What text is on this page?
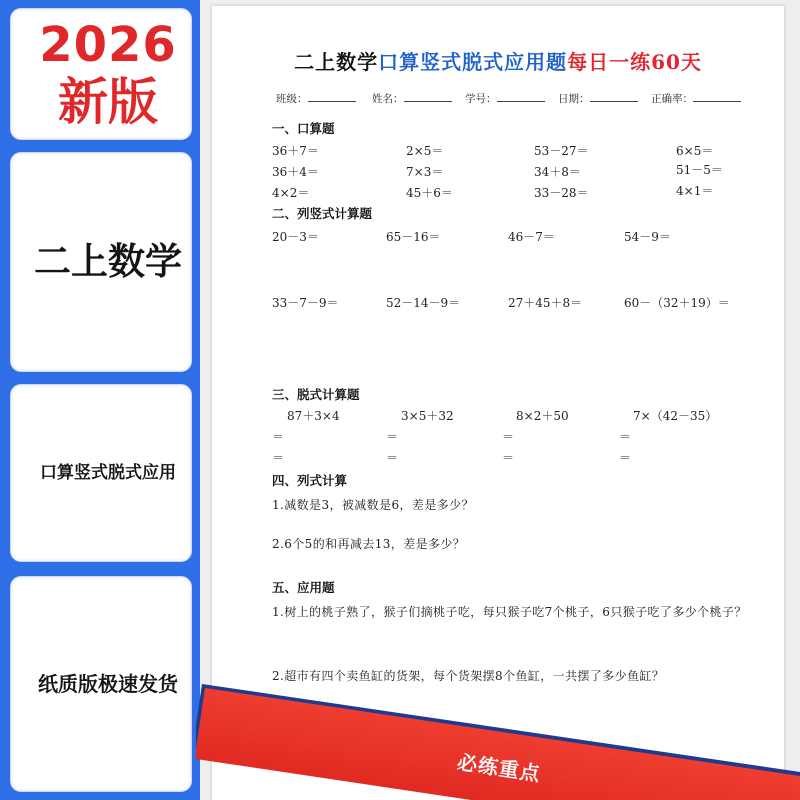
2026
新版
二上数学
口算竖式脱式应用
纸质版极速发货
二上数学口算竖式脱式应用题每日一练60天
班级：	姓名：	学号：	日期：	正确率：
一、口算题
36＋7＝	2×5＝	53－27＝	6×5＝
36＋4＝	7×3＝	34＋8＝	51－5＝
4×2＝	45＋6＝	33－28＝	4×1＝
二、列竖式计算题
20－3＝	65－16＝	46－7＝	54－9＝
33－7－9＝	52－14－9＝	27＋45＋8＝	60－（32＋19）＝
三、脱式计算题
87＋3×4	3×5＋32	8×2＋50	7×（42－35）
＝	＝	＝	＝
＝	＝	＝	＝
四、列式计算
1.减数是3，被减数是6，差是多少？
2.6个5的和再减去13，差是多少？
五、应用题
1.树上的桃子熟了，猴子们摘桃子吃，每只猴子吃7个桃子，6只猴子吃了多少个桃子？
2.超市有四个卖鱼缸的货架，每个货架摆8个鱼缸，一共摆了多少鱼缸？
必练重点
